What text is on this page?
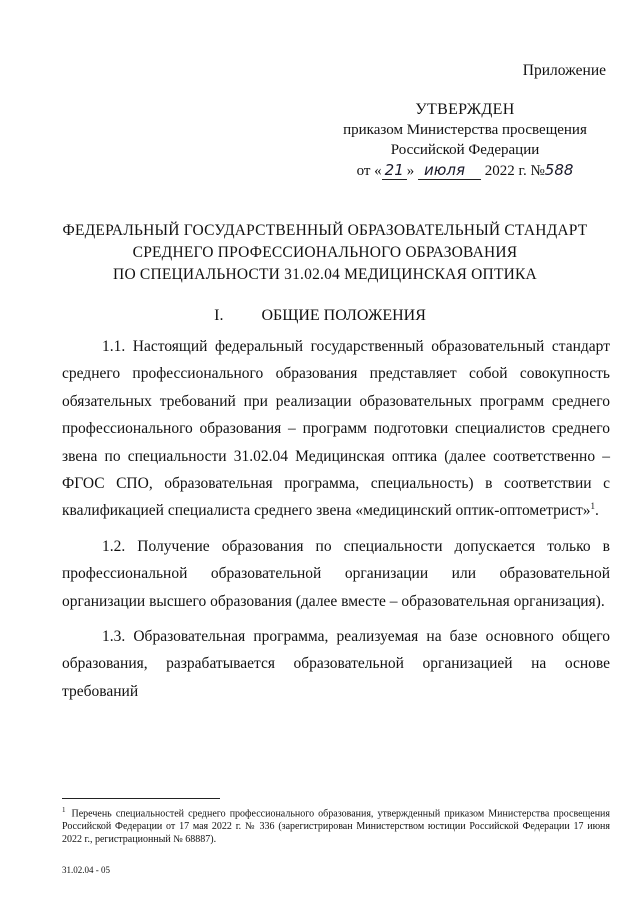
Приложение
УТВЕРЖДЕН
приказом Министерства просвещения
Российской Федерации
от « 21 » июля 2022 г. №588
ФЕДЕРАЛЬНЫЙ ГОСУДАРСТВЕННЫЙ ОБРАЗОВАТЕЛЬНЫЙ СТАНДАРТ
СРЕДНЕГО ПРОФЕССИОНАЛЬНОГО ОБРАЗОВАНИЯ
ПО СПЕЦИАЛЬНОСТИ 31.02.04 МЕДИЦИНСКАЯ ОПТИКА
I. ОБЩИЕ ПОЛОЖЕНИЯ

1.1. Настоящий федеральный государственный образовательный стандарт среднего профессионального образования представляет собой совокупность обязательных требований при реализации образовательных программ среднего профессионального образования – программ подготовки специалистов среднего звена по специальности 31.02.04 Медицинская оптика (далее соответственно – ФГОС СПО, образовательная программа, специальность) в соответствии с квалификацией специалиста среднего звена «медицинский оптик-оптометрист»$^1$.

1.2. Получение образования по специальности допускается только в профессиональной образовательной организации или образовательной организации высшего образования (далее вместе – образовательная организация).

1.3. Образовательная программа, реализуемая на базе основного общего образования, разрабатывается образовательной организацией на основе требований

$^1$ Перечень специальностей среднего профессионального образования, утвержденный приказом Министерства просвещения Российской Федерации от 17 мая 2022 г. № 336 (зарегистрирован Министерством юстиции Российской Федерации 17 июня 2022 г., регистрационный № 68887).
31.02.04 - 05
